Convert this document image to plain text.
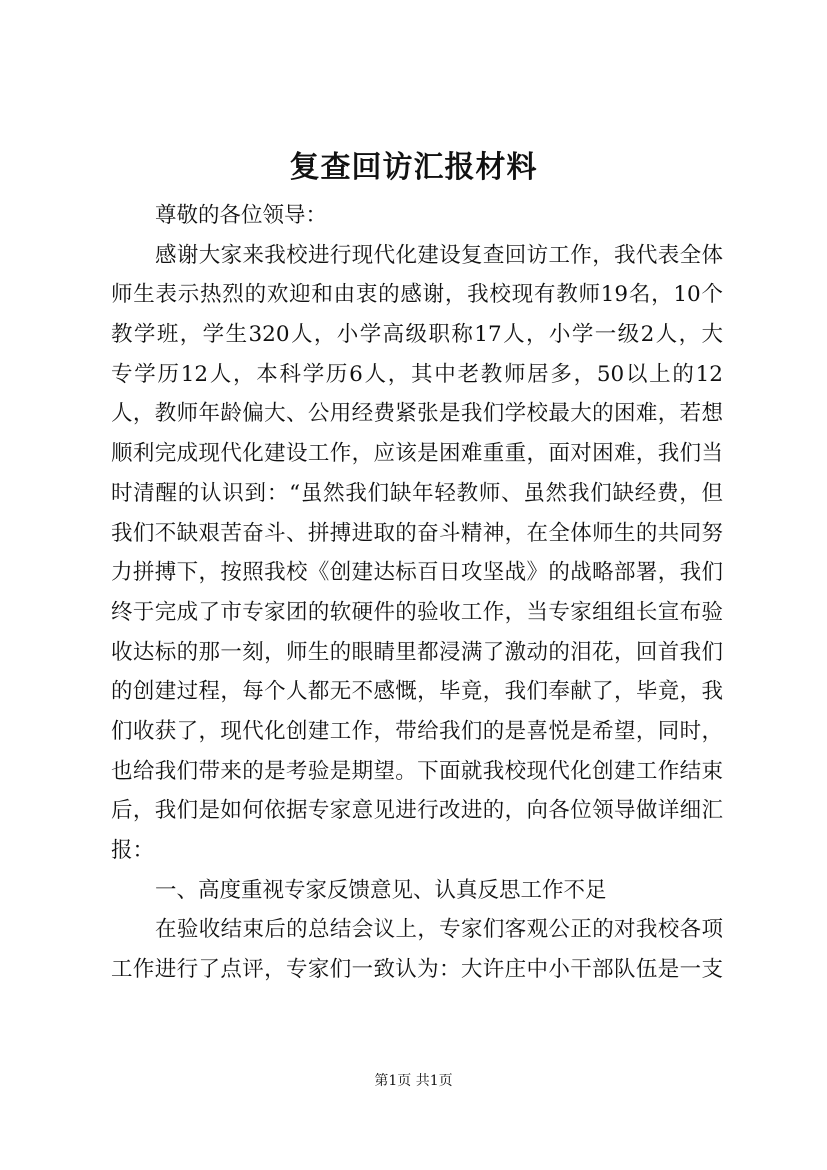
复查回访汇报材料
尊敬的各位领导：
感谢大家来我校进行现代化建设复查回访工作，我代表全体
师生表示热烈的欢迎和由衷的感谢，我校现有教师19名，10个
教学班，学生320人，小学高级职称17人，小学一级2人，大
专学历12人，本科学历6人，其中老教师居多，50以上的12
人，教师年龄偏大、公用经费紧张是我们学校最大的困难，若想
顺利完成现代化建设工作，应该是困难重重，面对困难，我们当
时清醒的认识到：“虽然我们缺年轻教师、虽然我们缺经费，但
我们不缺艰苦奋斗、拼搏进取的奋斗精神，在全体师生的共同努
力拼搏下，按照我校《创建达标百日攻坚战》的战略部署，我们
终于完成了市专家团的软硬件的验收工作，当专家组组长宣布验
收达标的那一刻，师生的眼睛里都浸满了激动的泪花，回首我们
的创建过程，每个人都无不感慨，毕竟，我们奉献了，毕竟，我
们收获了，现代化创建工作，带给我们的是喜悦是希望，同时，
也给我们带来的是考验是期望。下面就我校现代化创建工作结束
后，我们是如何依据专家意见进行改进的，向各位领导做详细汇
报：
一、高度重视专家反馈意见、认真反思工作不足
在验收结束后的总结会议上，专家们客观公正的对我校各项
工作进行了点评，专家们一致认为：大许庄中小干部队伍是一支
第1页 共1页
